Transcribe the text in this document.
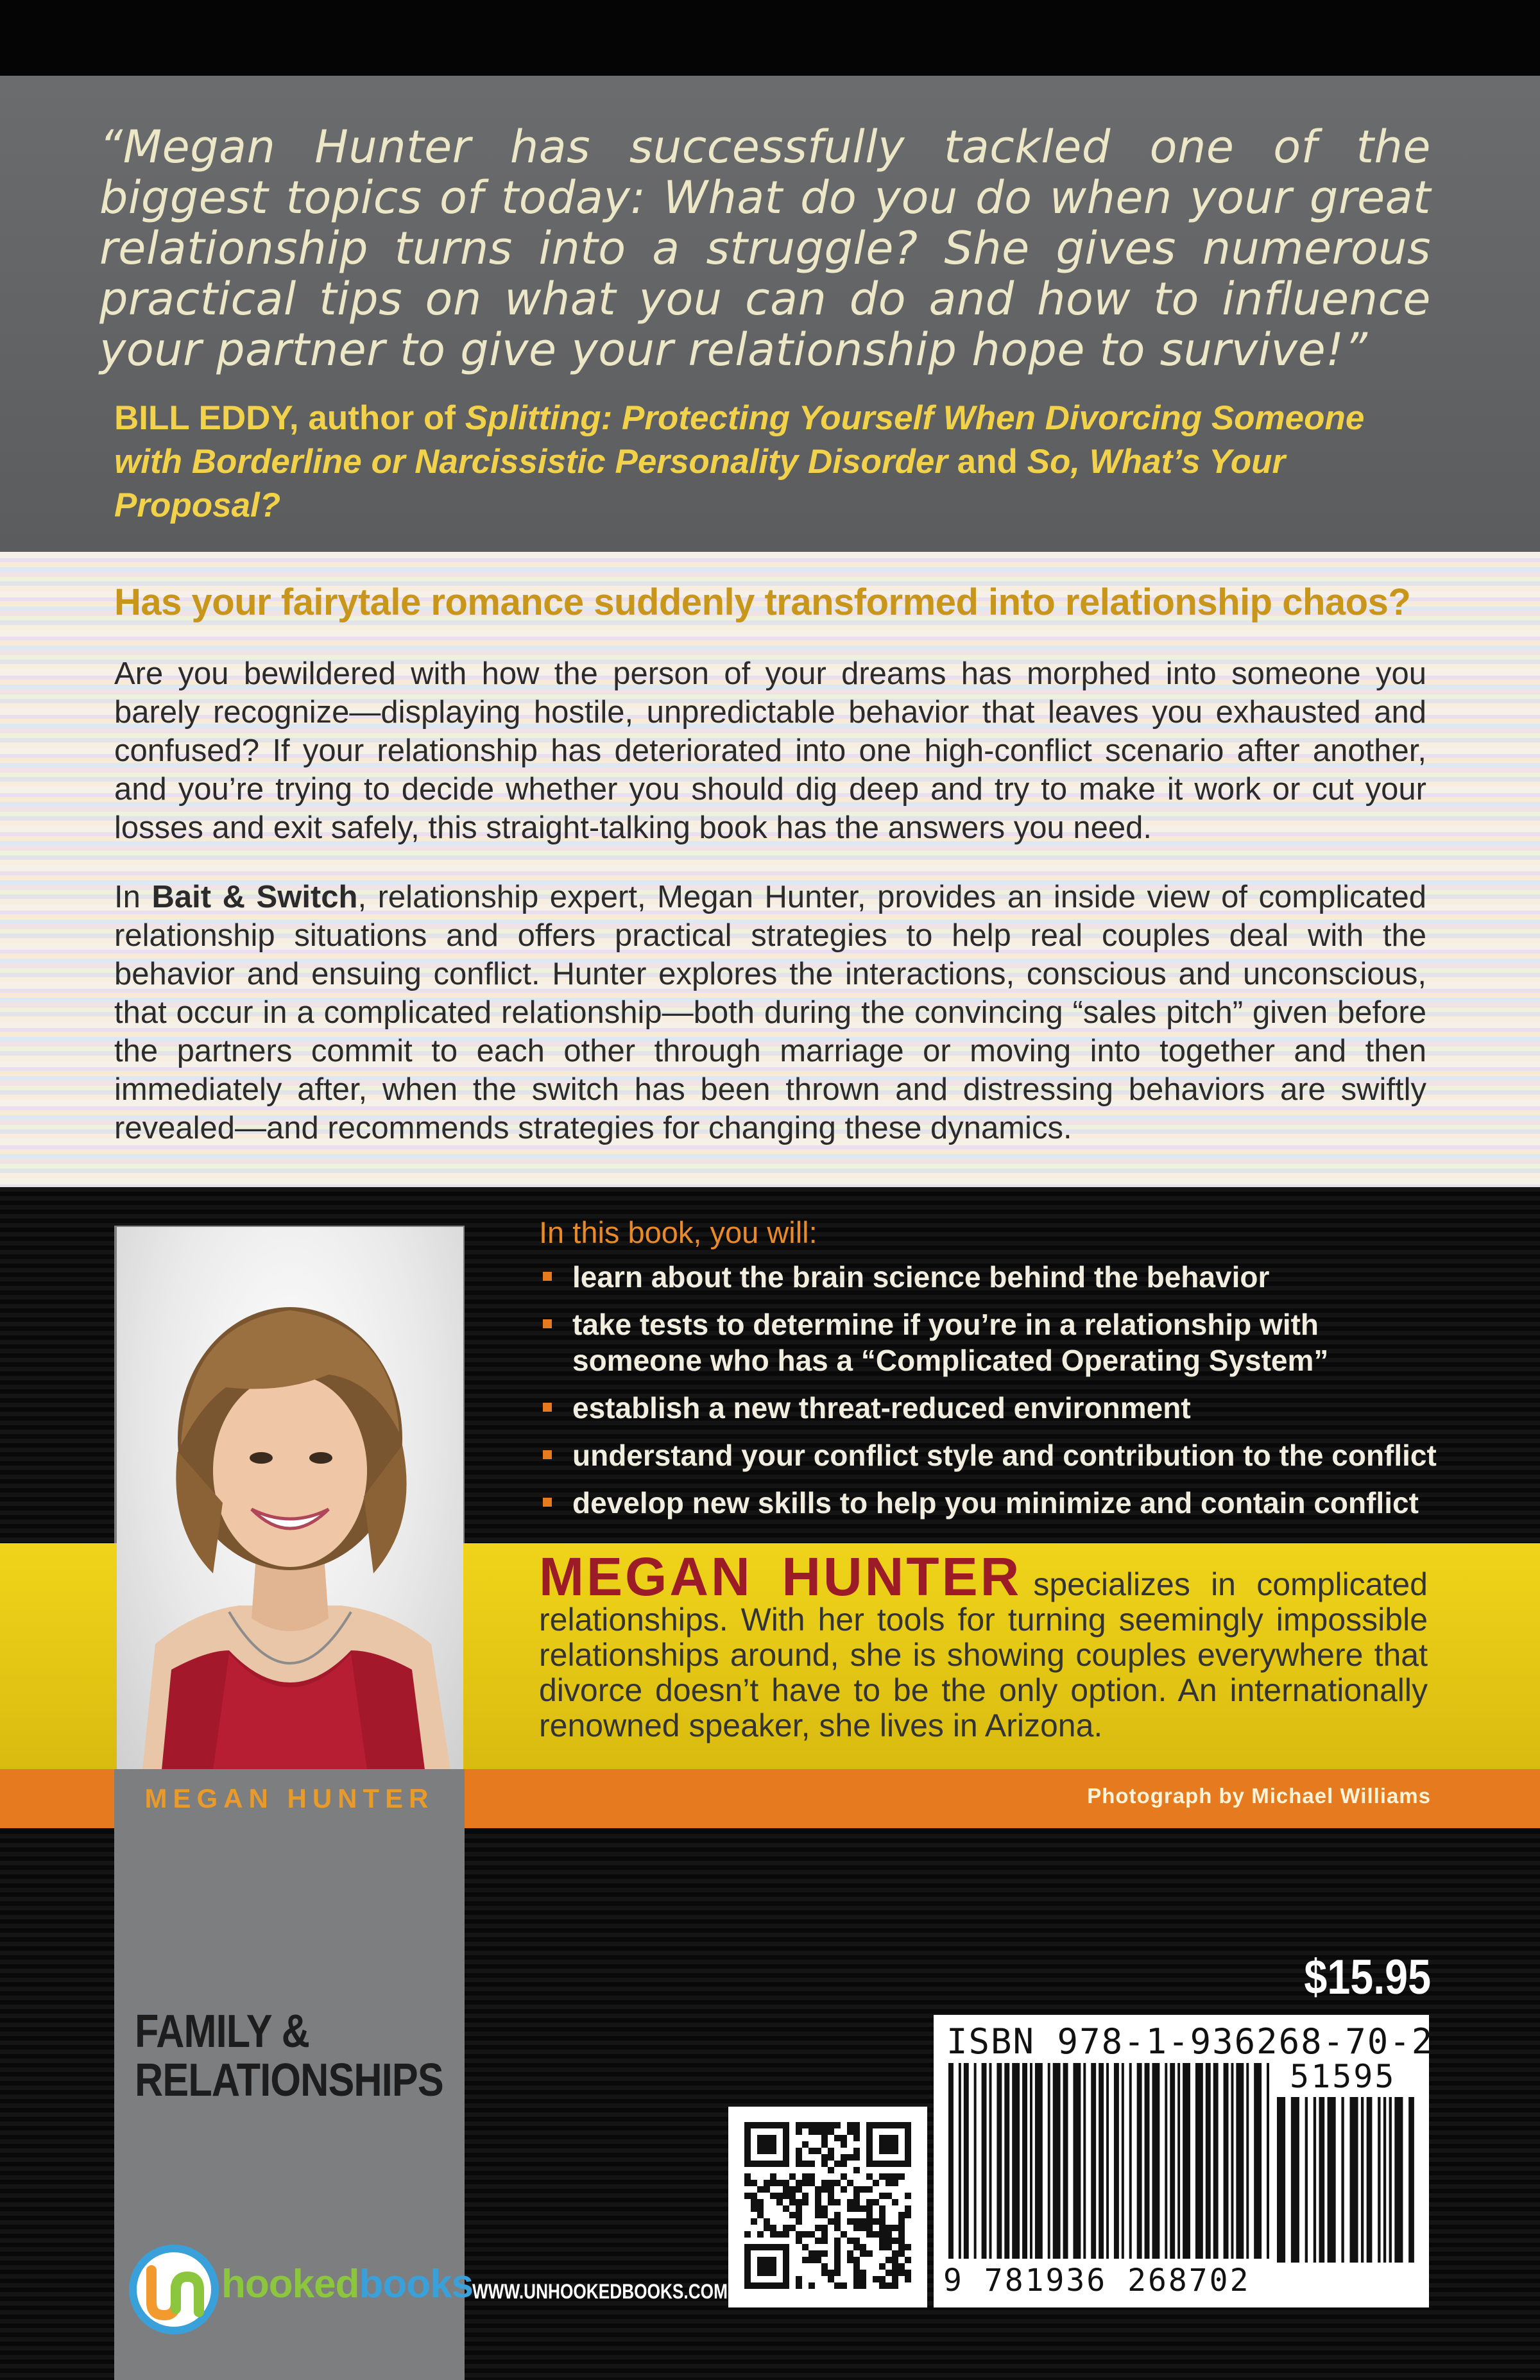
“Megan Hunter has successfully tackled one of the biggest topics of today: What do you do when your great relationship turns into a struggle? She gives numerous practical tips on what you can do and how to influence your partner to give your relationship hope to survive!”
BILL EDDY, author of Splitting: Protecting Yourself When Divorcing Someone with Borderline or Narcissistic Personality Disorder and So, What’s Your Proposal?
Has your fairytale romance suddenly transformed into relationship chaos?
Are you bewildered with how the person of your dreams has morphed into someone you barely recognize—displaying hostile, unpredictable behavior that leaves you exhausted and confused? If your relationship has deteriorated into one high-conflict scenario after another, and you’re trying to decide whether you should dig deep and try to make it work or cut your losses and exit safely, this straight-talking book has the answers you need.
In Bait & Switch, relationship expert, Megan Hunter, provides an inside view of complicated relationship situations and offers practical strategies to help real couples deal with the behavior and ensuing conflict. Hunter explores the interactions, conscious and unconscious, that occur in a complicated relationship—both during the convincing “sales pitch” given before the partners commit to each other through marriage or moving into together and then immediately after, when the switch has been thrown and distressing behaviors are swiftly revealed—and recommends strategies for changing these dynamics.
MEGAN HUNTER	Photograph by Michael Williams
In this book, you will:
learn about the brain science behind the behavior
take tests to determine if you’re in a relationship with someone who has a “Complicated Operating System”
establish a new threat-reduced environment
understand your conflict style and contribution to the conflict
develop new skills to help you minimize and contain conflict
MEGAN HUNTER specializes in complicated relationships. With her tools for turning seemingly impossible relationships around, she is showing couples everywhere that divorce doesn’t have to be the only option. An internationally renowned speaker, she lives in Arizona.
FAMILY &
RELATIONSHIPS
$15.95
ISBN 978-1-936268-70-2
51595
9 781936 268702
hookedbooks
WWW.UNHOOKEDBOOKS.COM
